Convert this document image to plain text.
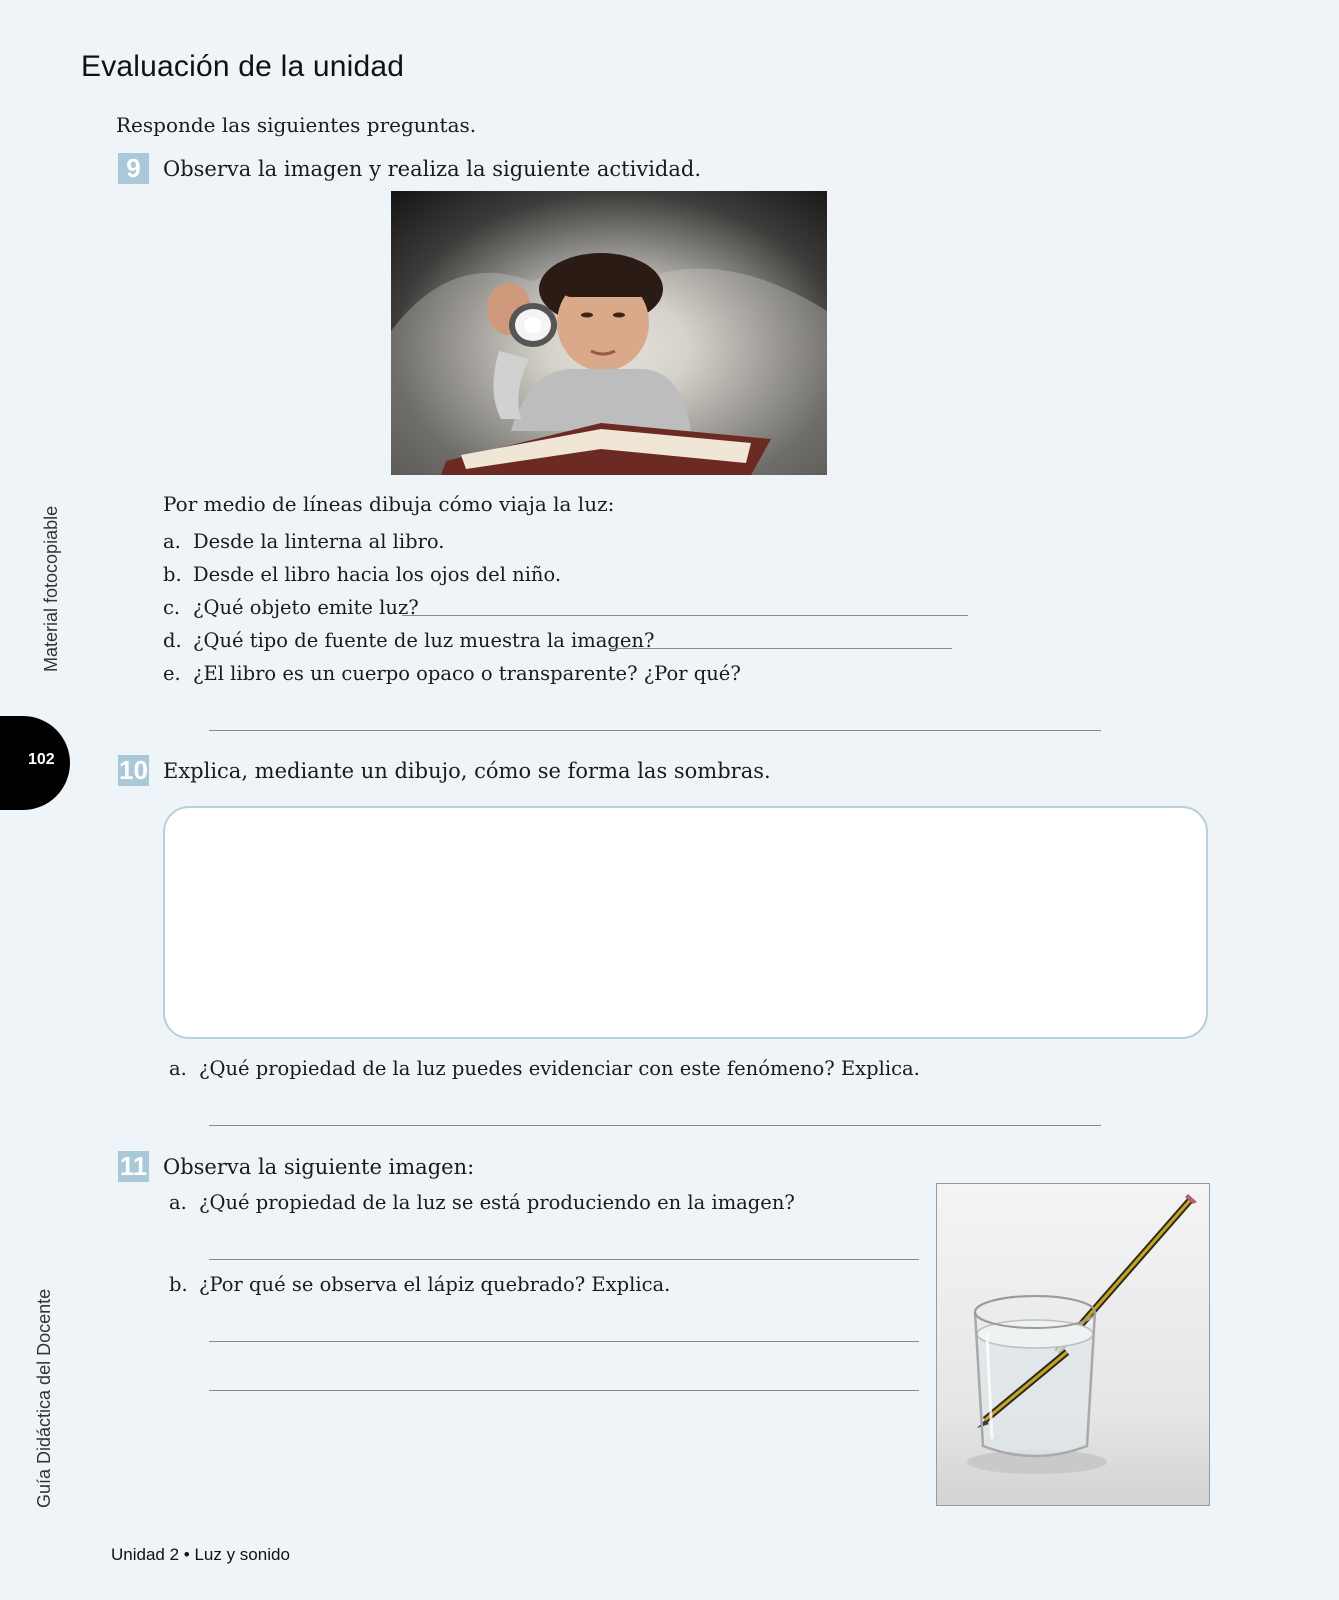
Evaluación de la unidad
Responde las siguientes preguntas.
102
Material fotocopiable
Guía Didáctica del Docente
9	Observa la imagen y realiza la siguiente actividad.
Por medio de líneas dibuja cómo viaja la luz:
a. Desde la linterna al libro.
b. Desde el libro hacia los ojos del niño.
c. ¿Qué objeto emite luz?
d. ¿Qué tipo de fuente de luz muestra la imagen?
e. ¿El libro es un cuerpo opaco o transparente? ¿Por qué?
10 Explica, mediante un dibujo, cómo se forma las sombras.
a. ¿Qué propiedad de la luz puedes evidenciar con este fenómeno? Explica.
11 Observa la siguiente imagen:
a. ¿Qué propiedad de la luz se está produciendo en la imagen?
b. ¿Por qué se observa el lápiz quebrado? Explica.
Unidad 2 • Luz y sonido
